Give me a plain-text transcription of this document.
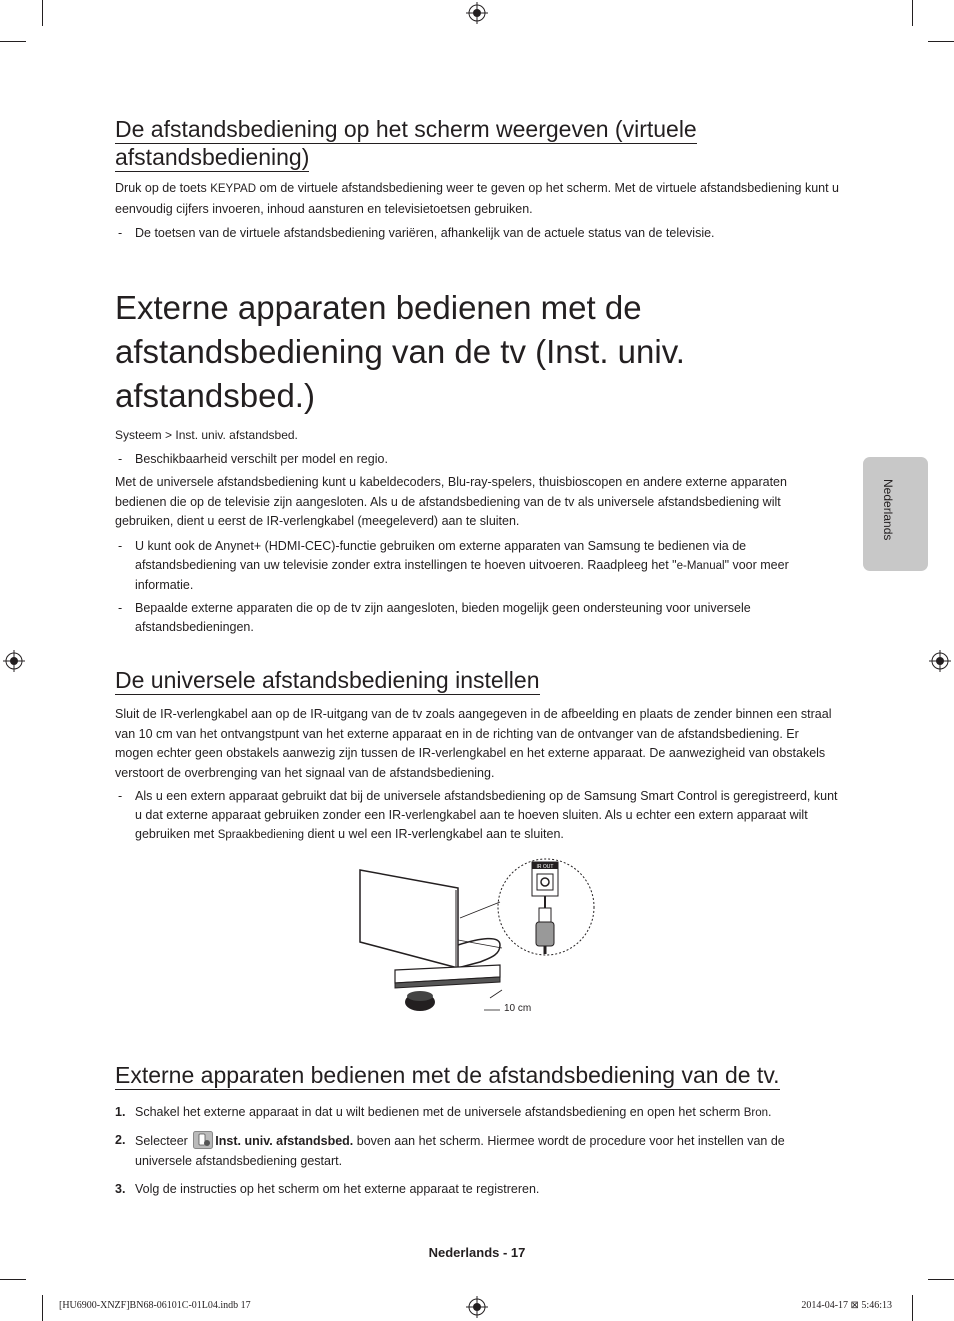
Nederlands
De afstandsbediening op het scherm weergeven (virtuele afstandsbediening)

Druk op de toets KEYPAD om de virtuele afstandsbediening weer te geven op het scherm. Met de virtuele afstandsbediening kunt u eenvoudig cijfers invoeren, inhoud aansturen en televisietoetsen gebruiken.

- De toetsen van de virtuele afstandsbediening variëren, afhankelijk van de actuele status van de televisie.
Externe apparaten bedienen met de afstandsbediening van de tv (Inst. univ. afstandsbed.)
Systeem > Inst. univ. afstandsbed.
- Beschikbaarheid verschilt per model en regio.

Met de universele afstandsbediening kunt u kabeldecoders, Blu-ray-spelers, thuisbioscopen en andere externe apparaten bedienen die op de televisie zijn aangesloten. Als u de afstandsbediening van de tv als universele afstandsbediening wilt gebruiken, dient u eerst de IR-verlengkabel (meegeleverd) aan te sluiten.

- U kunt ook de Anynet+ (HDMI-CEC)-functie gebruiken om externe apparaten van Samsung te bedienen via de afstandsbediening van uw televisie zonder extra instellingen te hoeven uitvoeren. Raadpleeg het "e-Manual" voor meer informatie.
- Bepaalde externe apparaten die op de tv zijn aangesloten, bieden mogelijk geen ondersteuning voor universele afstandsbedieningen.
De universele afstandsbediening instellen

Sluit de IR-verlengkabel aan op de IR-uitgang van de tv zoals aangegeven in de afbeelding en plaats de zender binnen een straal van 10 cm van het ontvangstpunt van het externe apparaat en in de richting van de ontvanger van de afstandsbediening. Er mogen echter geen obstakels aanwezig zijn tussen de IR-verlengkabel en het externe apparaat. De aanwezigheid van obstakels verstoort de overbrenging van het signaal van de afstandsbediening.

- Als u een extern apparaat gebruikt dat bij de universele afstandsbediening op de Samsung Smart Control is geregistreerd, kunt u dat externe apparaat gebruiken zonder een IR-verlengkabel aan te hoeven sluiten. Als u echter een extern apparaat wilt gebruiken met Spraakbediening dient u wel een IR-verlengkabel aan te sluiten.
IR OUT
10 cm
Externe apparaten bedienen met de afstandsbediening van de tv.
1. Schakel het externe apparaat in dat u wilt bedienen met de universele afstandsbediening en open het scherm Bron.
2. Selecteer Inst. univ. afstandsbed. boven aan het scherm. Hiermee wordt de procedure voor het instellen van de universele afstandsbediening gestart.
3. Volg de instructies op het scherm om het externe apparaat te registreren.
Nederlands - 17
[HU6900-XNZF]BN68-06101C-01L04.indb 17	2014-04-17 ⊠ 5:46:13
